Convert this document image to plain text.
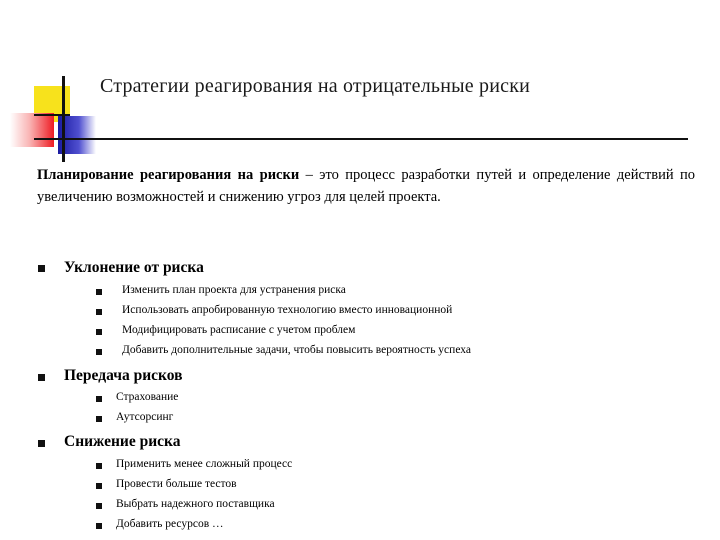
Стратегии реагирования на отрицательные риски
Планирование реагирования на риски – это процесс разработки путей и определение действий по увеличению возможностей и снижению угроз для целей проекта.
Уклонение от риска
Изменить план проекта для устранения риска
Использовать апробированную технологию вместо инновационной
Модифицировать расписание с учетом проблем
Добавить дополнительные задачи, чтобы повысить вероятность успеха
Передача рисков
Страхование
Аутсорсинг
Снижение риска
Применить менее сложный процесс
Провести больше тестов
Выбрать надежного поставщика
Добавить ресурсов …
